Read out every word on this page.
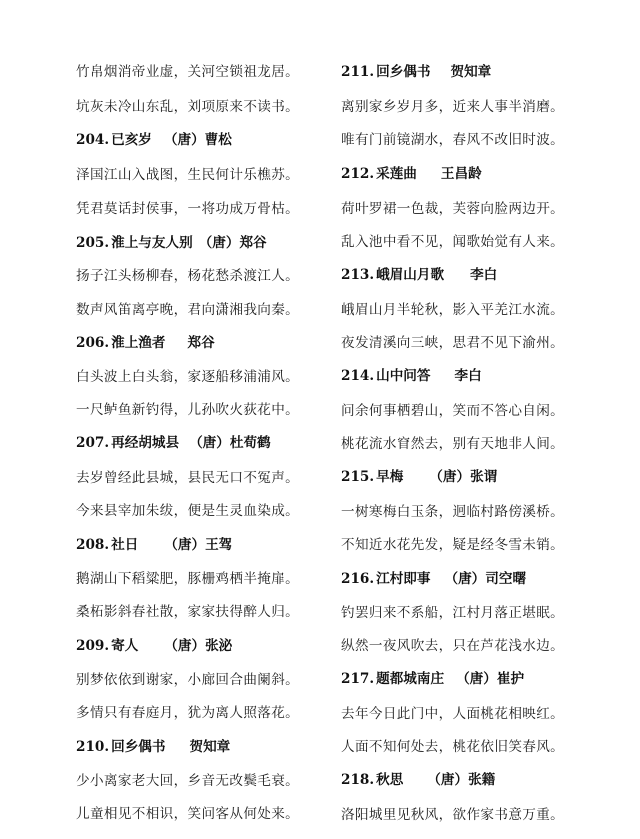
竹帛烟消帝业虚，关河空锁祖龙居。
坑灰未冷山东乱，刘项原来不读书。
204. 已亥岁 （唐） 曹松
泽国江山入战图，生民何计乐樵苏。
凭君莫话封侯事，一将功成万骨枯。
205. 淮上与友人别 （唐） 郑谷
扬子江头杨柳春，杨花愁杀渡江人。
数声风笛离亭晚，君向潇湘我向秦。
206. 淮上渔者 郑谷
白头波上白头翁，家逐船移浦浦风。
一尺鲈鱼新钓得，儿孙吹火荻花中。
207. 再经胡城县 （唐） 杜荀鹤
去岁曾经此县城，县民无口不冤声。
今来县宰加朱绂，便是生灵血染成。
208. 社日 （唐） 王驾
鹅湖山下稻粱肥，豚栅鸡栖半掩扉。
桑柘影斜春社散，家家扶得醉人归。
209. 寄人 （唐） 张泌
别梦依依到谢家，小廊回合曲阑斜。
多情只有春庭月，犹为离人照落花。
210. 回乡偶书 贺知章
少小离家老大回，乡音无改鬓毛衰。
儿童相见不相识，笑问客从何处来。
211. 回乡偶书 贺知章
离别家乡岁月多，近来人事半消磨。
唯有门前镜湖水，春风不改旧时波。
212. 采莲曲 王昌龄
荷叶罗裙一色裁，芙蓉向脸两边开。
乱入池中看不见，闻歌始觉有人来。
213. 峨眉山月歌 李白
峨眉山月半轮秋，影入平羌江水流。
夜发清溪向三峡，思君不见下渝州。
214. 山中问答 李白
问余何事栖碧山，笑而不答心自闲。
桃花流水窅然去，别有天地非人间。
215. 早梅 （唐） 张谓
一树寒梅白玉条，迥临村路傍溪桥。
不知近水花先发，疑是经冬雪未销。
216. 江村即事 （唐） 司空曙
钓罢归来不系船，江村月落正堪眠。
纵然一夜风吹去，只在芦花浅水边。
217. 题都城南庄 （唐） 崔护
去年今日此门中，人面桃花相映红。
人面不知何处去，桃花依旧笑春风。
218. 秋思 （唐） 张籍
洛阳城里见秋风，欲作家书意万重。
